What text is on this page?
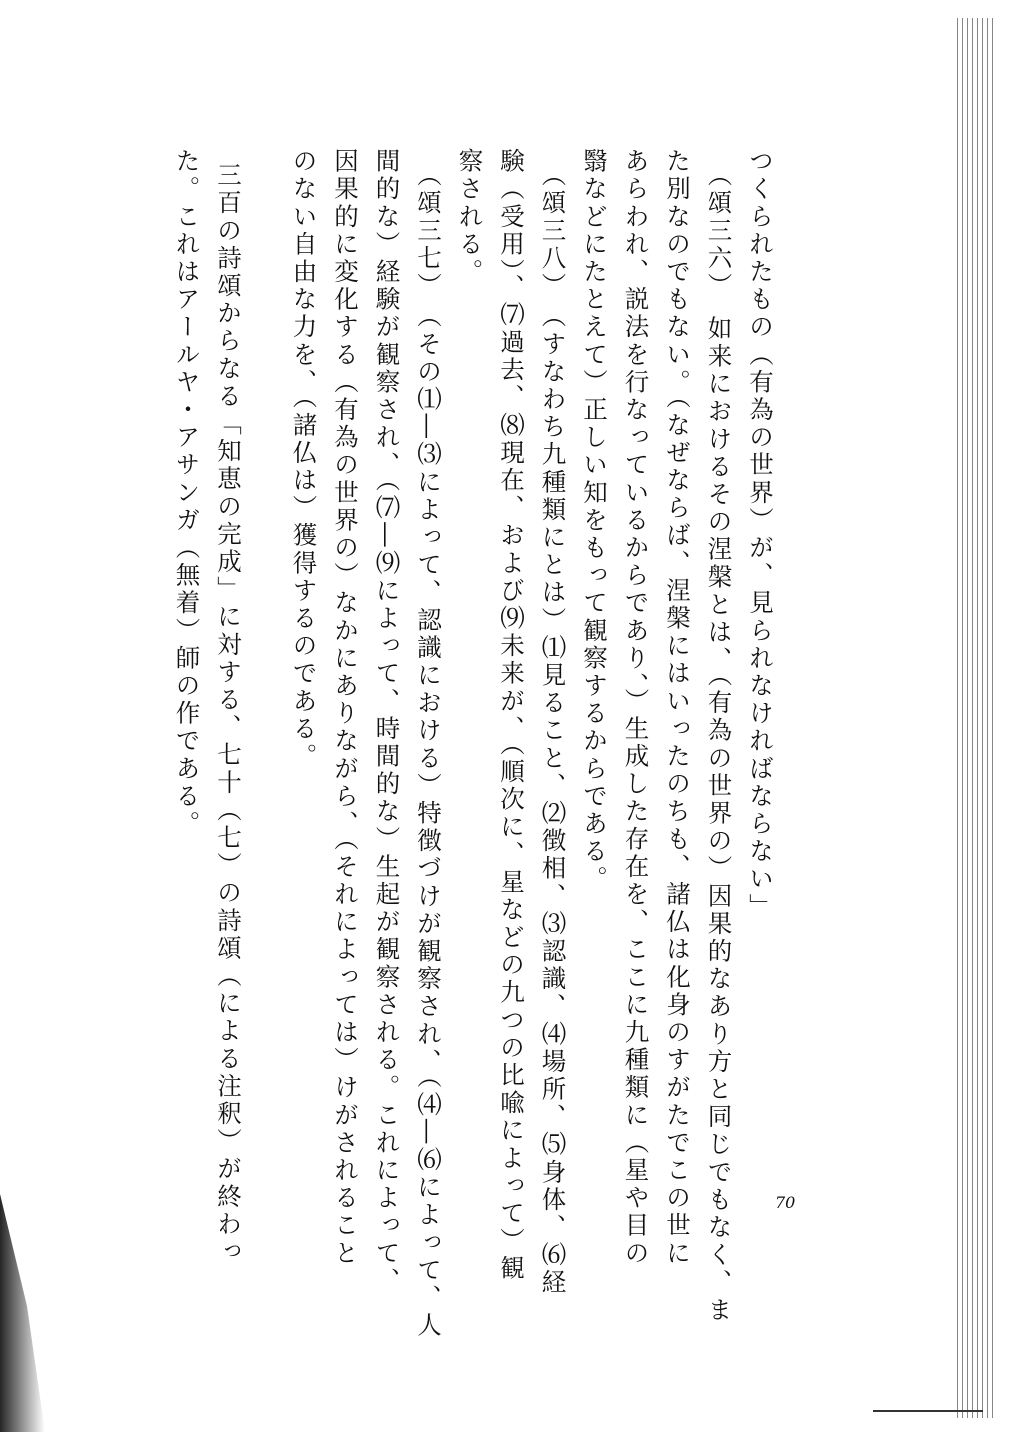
つくられたもの（有為の世界）が、見られなければならない」
（頌三六）　如来におけるその涅槃とは、（有為の世界の）因果的なあり方と同じでもなく、ま
た別なのでもない。（なぜならば、涅槃にはいったのちも、諸仏は化身のすがたでこの世に
あらわれ、説法を行なっているからであり、）生成した存在を、ここに九種類に（星や目の
翳などにたとえて）正しい知をもって観察するからである。
（頌三八）　（すなわち九種類にとは）⑴見ること、⑵徴相、⑶認識、⑷場所、⑸身体、⑹経
験（受用）、⑺過去、⑻現在、および⑼未来が、（順次に、星などの九つの比喩によって）観
察される。
（頌三七）　（その⑴―⑶によって、認識における）特徴づけが観察され、（⑷―⑹によって、人
間的な）経験が観察され、（⑺―⑼によって、時間的な）生起が観察される。これによって、
因果的に変化する（有為の世界の）なかにありながら、（それによっては）けがされること
のない自由な力を、（諸仏は）獲得するのである。
三百の詩頌からなる「知恵の完成」に対する、七十（七）の詩頌（による注釈）が終わっ
た。これはアールヤ・アサンガ（無着）師の作である。
70
